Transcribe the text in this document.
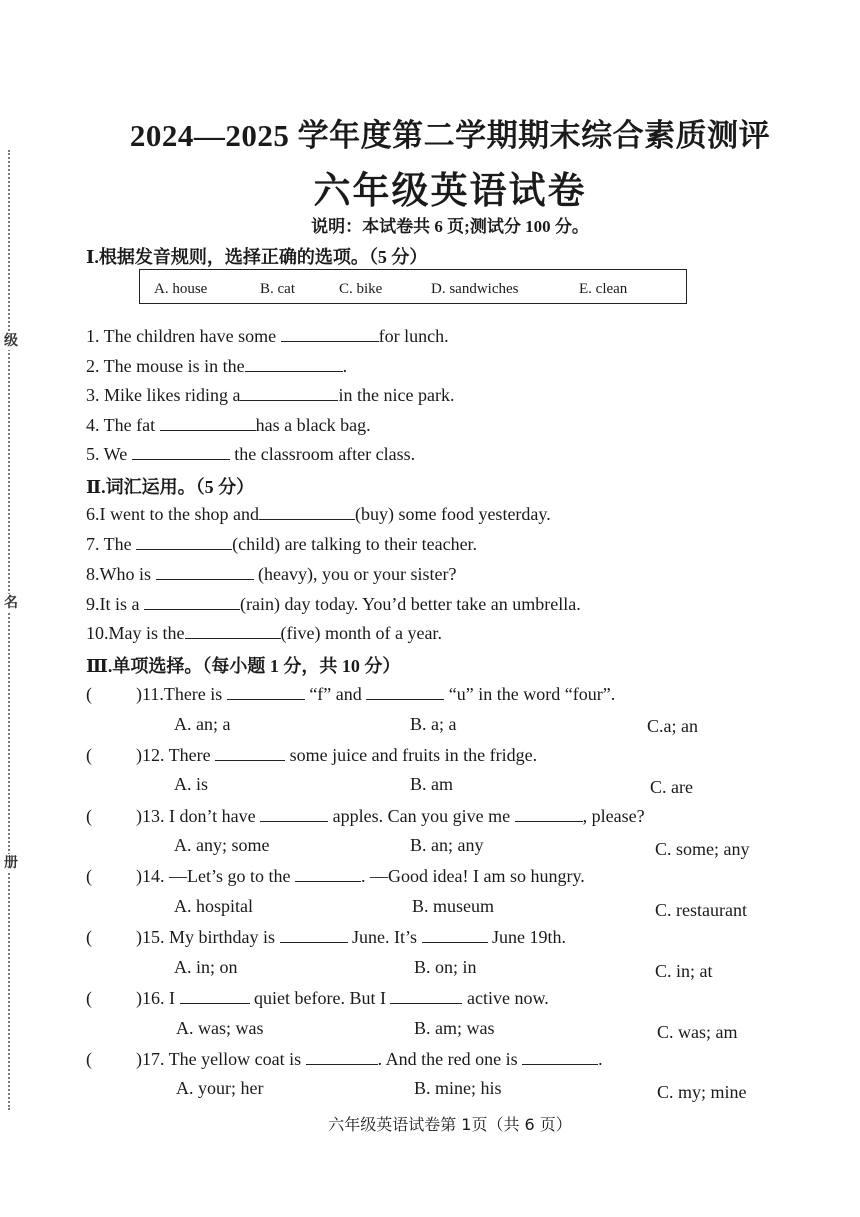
级
名
册
2024—2025 学年度第二学期期末综合素质测评
六年级英语试卷
说明：本试卷共 6 页;测试分 100 分。
Ⅰ.根据发音规则，选择正确的选项。（5 分）
A. house	B. cat	C. bike	D. sandwiches	E. clean
1. The children have some	for lunch.
2. The mouse is in the	.
3. Mike likes riding a	in the nice park.
4. The fat	has a black bag.
5. We	the classroom after class.
Ⅱ.词汇运用。（5 分）
6.I went to the shop and	(buy) some food yesterday.
7. The	(child) are talking to their teacher.
8.Who is	(heavy), you or your sister?
9.It is a	(rain) day today. You’d better take an umbrella.
10.May is the	(five) month of a year.
Ⅲ.单项选择。（每小题 1 分，共 10 分）
( )11.There is	“f” and	“u” in the word “four”.
A. an; a	B. a; a	C.a; an
( )12. There	some juice and fruits in the fridge.
A. is	B. am	C. are
( )13. I don’t have	apples. Can you give me	, please?
A. any; some	B. an; any	C. some; any
( )14. —Let’s go to the	. —Good idea! I am so hungry.
A. hospital	B. museum	C. restaurant
( )15. My birthday is	June. It’s	June 19th.
A. in; on	B. on; in	C. in; at
( )16. I	quiet before. But I	active now.
A. was; was	B. am; was	C. was; am
( )17. The yellow coat is	. And the red one is	.
A. your; her	B. mine; his	C. my; mine
六年级英语试卷第 1页（共 6 页）
